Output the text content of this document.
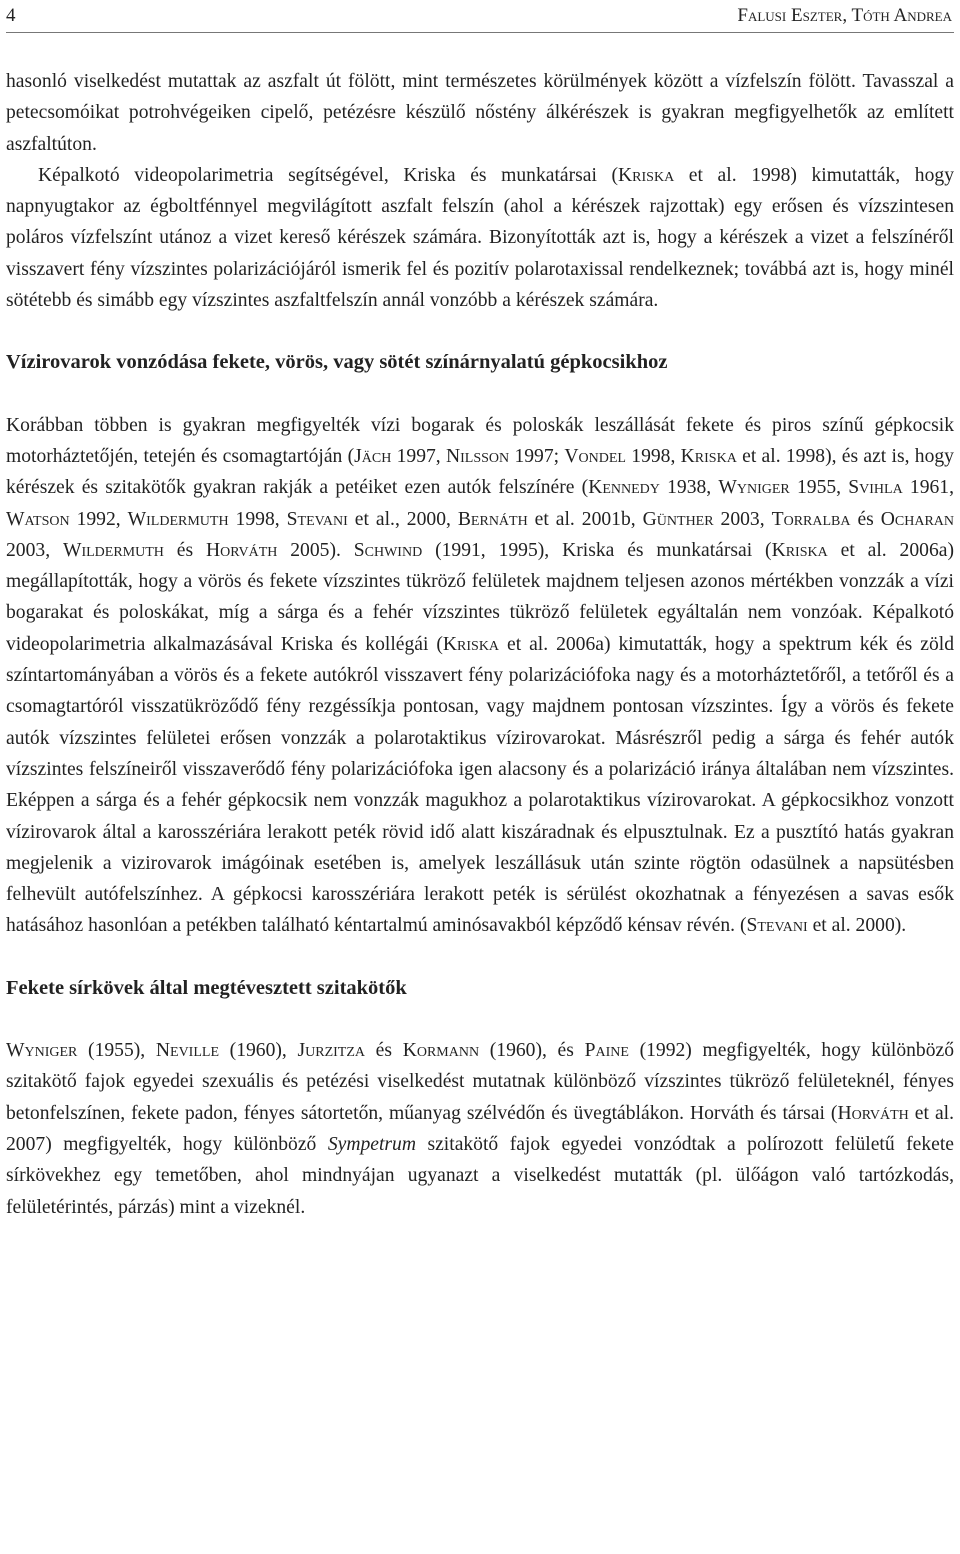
4	Falusi Eszter, Tóth Andrea

hasonló viselkedést mutattak az aszfalt út fölött, mint természetes körülmények között a vízfelszín fölött. Tavasszal a petecsomóikat potrohvégeiken cipelő, petézésre készülő nőstény álkérészek is gyakran megfigyelhetők az említett aszfaltúton.

Képalkotó videopolarimetria segítségével, Kriska és munkatársai (Kriska et al. 1998) kimutatták, hogy napnyugtakor az égboltfénnyel megvilágított aszfalt felszín (ahol a kérészek rajzottak) egy erősen és vízszintesen poláros vízfelszínt utánoz a vizet kereső kérészek számára. Bizonyították azt is, hogy a kérészek a vizet a felszínéről visszavert fény vízszintes polarizációjáról ismerik fel és pozitív polarotaxissal rendelkeznek; továbbá azt is, hogy minél sötétebb és simább egy vízszintes aszfaltfelszín annál vonzóbb a kérészek számára.

Vízirovarok vonzódása fekete, vörös, vagy sötét színárnyalatú gépkocsikhoz

Korábban többen is gyakran megfigyelték vízi bogarak és poloskák leszállását fekete és piros színű gépkocsik motorháztetőjén, tetején és csomagtartóján (Jäch 1997, Nilsson 1997; Vondel 1998, Kriska et al. 1998), és azt is, hogy kérészek és szitakötők gyakran rakják a petéiket ezen autók felszínére (Kennedy 1938, Wyniger 1955, Svihla 1961, Watson 1992, Wildermuth 1998, Stevani et al., 2000, Bernáth et al. 2001b, Günther 2003, Torralba és Ocharan 2003, Wildermuth és Horváth 2005). Schwind (1991, 1995), Kriska és munkatársai (Kriska et al. 2006a) megállapították, hogy a vörös és fekete vízszintes tükröző felületek majdnem teljesen azonos mértékben vonzzák a vízi bogarakat és poloskákat, míg a sárga és a fehér vízszintes tükröző felületek egyáltalán nem vonzóak. Képalkotó videopolarimetria alkalmazásával Kriska és kollégái (Kriska et al. 2006a) kimutatták, hogy a spektrum kék és zöld színtartományában a vörös és a fekete autókról visszavert fény polarizációfoka nagy és a motorháztetőről, a tetőről és a csomagtartóról visszatükröződő fény rezgéssíkja pontosan, vagy majdnem pontosan vízszintes. Így a vörös és fekete autók vízszintes felületei erősen vonzzák a polarotaktikus vízirovarokat. Másrészről pedig a sárga és fehér autók vízszintes felszíneiről visszaverődő fény polarizációfoka igen alacsony és a polarizáció iránya általában nem vízszintes. Eképpen a sárga és a fehér gépkocsik nem vonzzák magukhoz a polarotaktikus vízirovarokat. A gépkocsikhoz vonzott vízirovarok által a karosszériára lerakott peték rövid idő alatt kiszáradnak és elpusztulnak. Ez a pusztító hatás gyakran megjelenik a vizirovarok imágóinak esetében is, amelyek leszállásuk után szinte rögtön odasülnek a napsütésben felhevült autófelszínhez. A gépkocsi karosszériára lerakott peték is sérülést okozhatnak a fényezésen a savas esők hatásához hasonlóan a petékben található kéntartalmú aminósavakból képződő kénsav révén. (Stevani et al. 2000).

Fekete sírkövek által megtévesztett szitakötők

Wyniger (1955), Neville (1960), Jurzitza és Kormann (1960), és Paine (1992) megfigyelték, hogy különböző szitakötő fajok egyedei szexuális és petézési viselkedést mutatnak különböző vízszintes tükröző felületeknél, fényes betonfelszínen, fekete padon, fényes sátortetőn, műanyag szélvédőn és üvegtáblákon. Horváth és társai (Horváth et al. 2007) megfigyelték, hogy különböző Sympetrum szitakötő fajok egyedei vonzódtak a polírozott felületű fekete sírkövekhez egy temetőben, ahol mindnyájan ugyanazt a viselkedést mutatták (pl. ülőágon való tartózkodás, felületérintés, párzás) mint a vizeknél.
